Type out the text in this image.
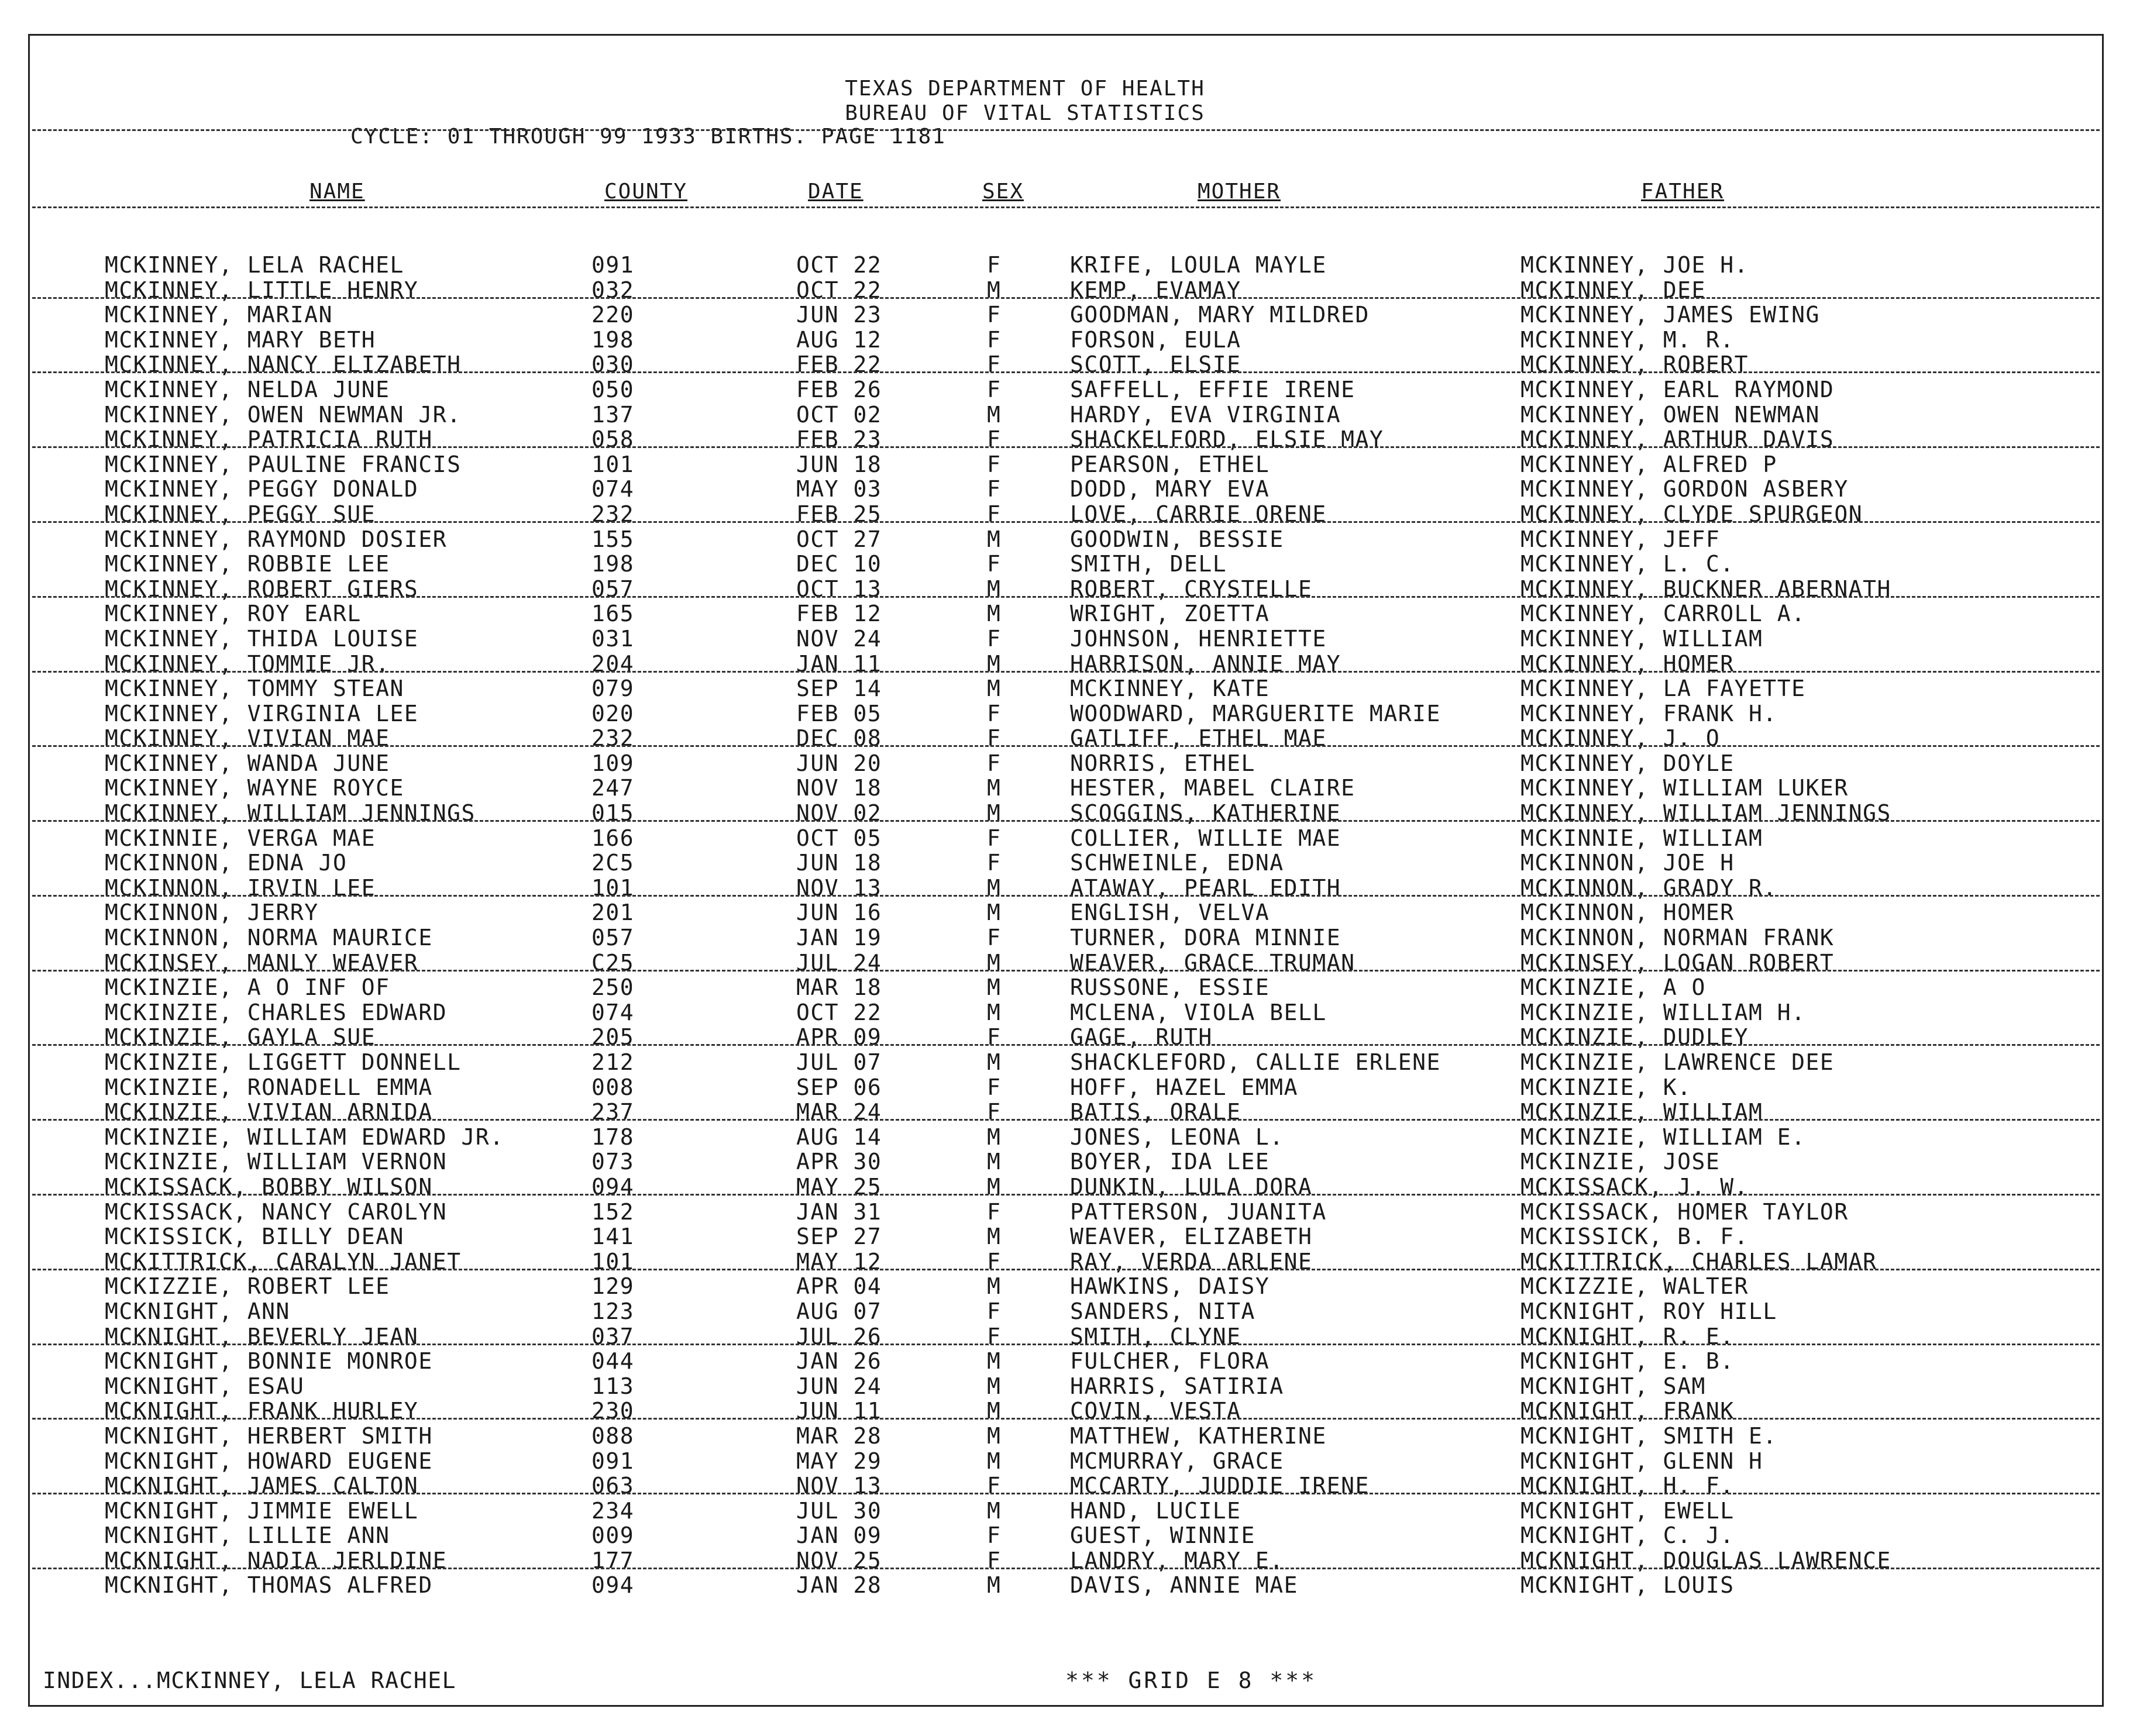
TEXAS DEPARTMENT OF HEALTH
BUREAU OF VITAL STATISTICS
CYCLE: 01 THROUGH 99 1933 BIRTHS. PAGE 1181
NAME	COUNTY	DATE	SEX	MOTHER	FATHER
MCKINNEY, LELA RACHEL	091	OCT 22	F	KRIFE, LOULA MAYLE	MCKINNEY, JOE H.
MCKINNEY, LITTLE HENRY	032	OCT 22	M	KEMP, EVAMAY	MCKINNEY, DEE
MCKINNEY, MARIAN	220	JUN 23	F	GOODMAN, MARY MILDRED	MCKINNEY, JAMES EWING
MCKINNEY, MARY BETH	198	AUG 12	F	FORSON, EULA	MCKINNEY, M. R.
MCKINNEY, NANCY ELIZABETH	030	FEB 22	F	SCOTT, ELSIE	MCKINNEY, ROBERT
MCKINNEY, NELDA JUNE	050	FEB 26	F	SAFFELL, EFFIE IRENE	MCKINNEY, EARL RAYMOND
MCKINNEY, OWEN NEWMAN JR.	137	OCT 02	M	HARDY, EVA VIRGINIA	MCKINNEY, OWEN NEWMAN
MCKINNEY, PATRICIA RUTH	058	FEB 23	F	SHACKELFORD, ELSIE MAY	MCKINNEY, ARTHUR DAVIS
MCKINNEY, PAULINE FRANCIS	101	JUN 18	F	PEARSON, ETHEL	MCKINNEY, ALFRED P
MCKINNEY, PEGGY DONALD	074	MAY 03	F	DODD, MARY EVA	MCKINNEY, GORDON ASBERY
MCKINNEY, PEGGY SUE	232	FEB 25	F	LOVE, CARRIE ORENE	MCKINNEY, CLYDE SPURGEON
MCKINNEY, RAYMOND DOSIER	155	OCT 27	M	GOODWIN, BESSIE	MCKINNEY, JEFF
MCKINNEY, ROBBIE LEE	198	DEC 10	F	SMITH, DELL	MCKINNEY, L. C.
MCKINNEY, ROBERT GIERS	057	OCT 13	M	ROBERT, CRYSTELLE	MCKINNEY, BUCKNER ABERNATH
MCKINNEY, ROY EARL	165	FEB 12	M	WRIGHT, ZOETTA	MCKINNEY, CARROLL A.
MCKINNEY, THIDA LOUISE	031	NOV 24	F	JOHNSON, HENRIETTE	MCKINNEY, WILLIAM
MCKINNEY, TOMMIE JR.	204	JAN 11	M	HARRISON, ANNIE MAY	MCKINNEY, HOMER
MCKINNEY, TOMMY STEAN	079	SEP 14	M	MCKINNEY, KATE	MCKINNEY, LA FAYETTE
MCKINNEY, VIRGINIA LEE	020	FEB 05	F	WOODWARD, MARGUERITE MARIE	MCKINNEY, FRANK H.
MCKINNEY, VIVIAN MAE	232	DEC 08	F	GATLIFF, ETHEL MAE	MCKINNEY, J. O
MCKINNEY, WANDA JUNE	109	JUN 20	F	NORRIS, ETHEL	MCKINNEY, DOYLE
MCKINNEY, WAYNE ROYCE	247	NOV 18	M	HESTER, MABEL CLAIRE	MCKINNEY, WILLIAM LUKER
MCKINNEY, WILLIAM JENNINGS	015	NOV 02	M	SCOGGINS, KATHERINE	MCKINNEY, WILLIAM JENNINGS
MCKINNIE, VERGA MAE	166	OCT 05	F	COLLIER, WILLIE MAE	MCKINNIE, WILLIAM
MCKINNON, EDNA JO	2C5	JUN 18	F	SCHWEINLE, EDNA	MCKINNON, JOE H
MCKINNON, IRVIN LEE	101	NOV 13	M	ATAWAY, PEARL EDITH	MCKINNON, GRADY R.
MCKINNON, JERRY	201	JUN 16	M	ENGLISH, VELVA	MCKINNON, HOMER
MCKINNON, NORMA MAURICE	057	JAN 19	F	TURNER, DORA MINNIE	MCKINNON, NORMAN FRANK
MCKINSEY, MANLY WEAVER	C25	JUL 24	M	WEAVER, GRACE TRUMAN	MCKINSEY, LOGAN ROBERT
MCKINZIE, A O INF OF	250	MAR 18	M	RUSSONE, ESSIE	MCKINZIE, A O
MCKINZIE, CHARLES EDWARD	074	OCT 22	M	MCLENA, VIOLA BELL	MCKINZIE, WILLIAM H.
MCKINZIE, GAYLA SUE	205	APR 09	F	GAGE, RUTH	MCKINZIE, DUDLEY
MCKINZIE, LIGGETT DONNELL	212	JUL 07	M	SHACKLEFORD, CALLIE ERLENE	MCKINZIE, LAWRENCE DEE
MCKINZIE, RONADELL EMMA	008	SEP 06	F	HOFF, HAZEL EMMA	MCKINZIE, K.
MCKINZIE, VIVIAN ARNIDA	237	MAR 24	F	BATIS, ORALE	MCKINZIE, WILLIAM
MCKINZIE, WILLIAM EDWARD JR.	178	AUG 14	M	JONES, LEONA L.	MCKINZIE, WILLIAM E.
MCKINZIE, WILLIAM VERNON	073	APR 30	M	BOYER, IDA LEE	MCKINZIE, JOSE
MCKISSACK, BOBBY WILSON	094	MAY 25	M	DUNKIN, LULA DORA	MCKISSACK, J. W.
MCKISSACK, NANCY CAROLYN	152	JAN 31	F	PATTERSON, JUANITA	MCKISSACK, HOMER TAYLOR
MCKISSICK, BILLY DEAN	141	SEP 27	M	WEAVER, ELIZABETH	MCKISSICK, B. F.
MCKITTRICK, CARALYN JANET	101	MAY 12	F	RAY, VERDA ARLENE	MCKITTRICK, CHARLES LAMAR
MCKIZZIE, ROBERT LEE	129	APR 04	M	HAWKINS, DAISY	MCKIZZIE, WALTER
MCKNIGHT, ANN	123	AUG 07	F	SANDERS, NITA	MCKNIGHT, ROY HILL
MCKNIGHT, BEVERLY JEAN	037	JUL 26	F	SMITH, CLYNE	MCKNIGHT, R. E.
MCKNIGHT, BONNIE MONROE	044	JAN 26	M	FULCHER, FLORA	MCKNIGHT, E. B.
MCKNIGHT, ESAU	113	JUN 24	M	HARRIS, SATIRIA	MCKNIGHT, SAM
MCKNIGHT, FRANK HURLEY	230	JUN 11	M	COVIN, VESTA	MCKNIGHT, FRANK
MCKNIGHT, HERBERT SMITH	088	MAR 28	M	MATTHEW, KATHERINE	MCKNIGHT, SMITH E.
MCKNIGHT, HOWARD EUGENE	091	MAY 29	M	MCMURRAY, GRACE	MCKNIGHT, GLENN H
MCKNIGHT, JAMES CALTON	063	NOV 13	F	MCCARTY, JUDDIE IRENE	MCKNIGHT, H. F.
MCKNIGHT, JIMMIE EWELL	234	JUL 30	M	HAND, LUCILE	MCKNIGHT, EWELL
MCKNIGHT, LILLIE ANN	009	JAN 09	F	GUEST, WINNIE	MCKNIGHT, C. J.
MCKNIGHT, NADIA JERLDINE	177	NOV 25	F	LANDRY, MARY E.	MCKNIGHT, DOUGLAS LAWRENCE
MCKNIGHT, THOMAS ALFRED	094	JAN 28	M	DAVIS, ANNIE MAE	MCKNIGHT, LOUIS
INDEX...MCKINNEY, LELA RACHEL	*** GRID E 8 ***
